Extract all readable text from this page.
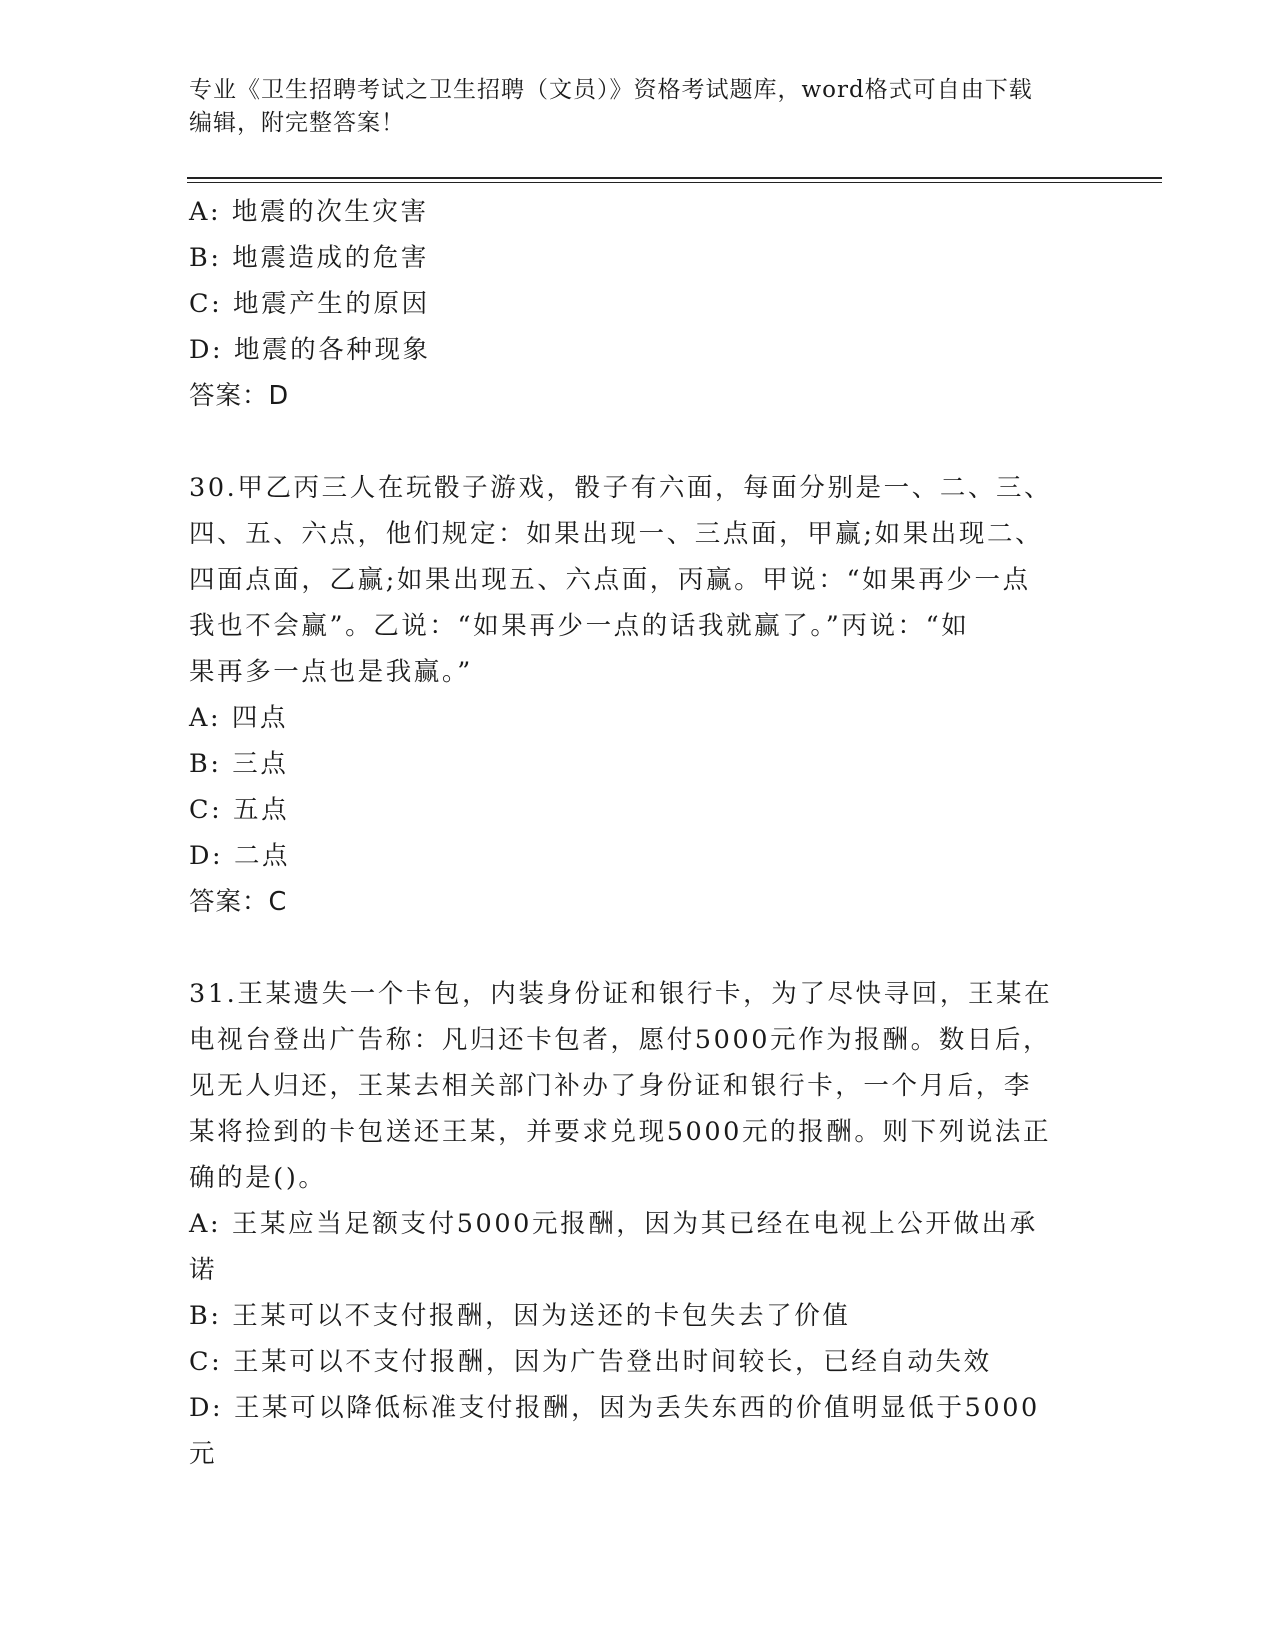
专业《卫生招聘考试之卫生招聘（文员）》资格考试题库，word格式可自由下载
编辑，附完整答案！
A: 地震的次生灾害
B: 地震造成的危害
C: 地震产生的原因
D: 地震的各种现象
答案：D
30.甲乙丙三人在玩骰子游戏，骰子有六面，每面分别是一、二、三、
四、五、六点，他们规定：如果出现一、三点面，甲赢;如果出现二、
四面点面，乙赢;如果出现五、六点面，丙赢。甲说：“如果再少一点
我也不会赢”。乙说：“如果再少一点的话我就赢了。”丙说：“如
果再多一点也是我赢。”
A: 四点
B: 三点
C: 五点
D: 二点
答案：C
31.王某遗失一个卡包，内装身份证和银行卡，为了尽快寻回，王某在
电视台登出广告称：凡归还卡包者，愿付5000元作为报酬。数日后，
见无人归还，王某去相关部门补办了身份证和银行卡，一个月后，李
某将捡到的卡包送还王某，并要求兑现5000元的报酬。则下列说法正
确的是()。
A: 王某应当足额支付5000元报酬，因为其已经在电视上公开做出承
诺
B: 王某可以不支付报酬，因为送还的卡包失去了价值
C: 王某可以不支付报酬，因为广告登出时间较长，已经自动失效
D: 王某可以降低标准支付报酬，因为丢失东西的价值明显低于5000
元
